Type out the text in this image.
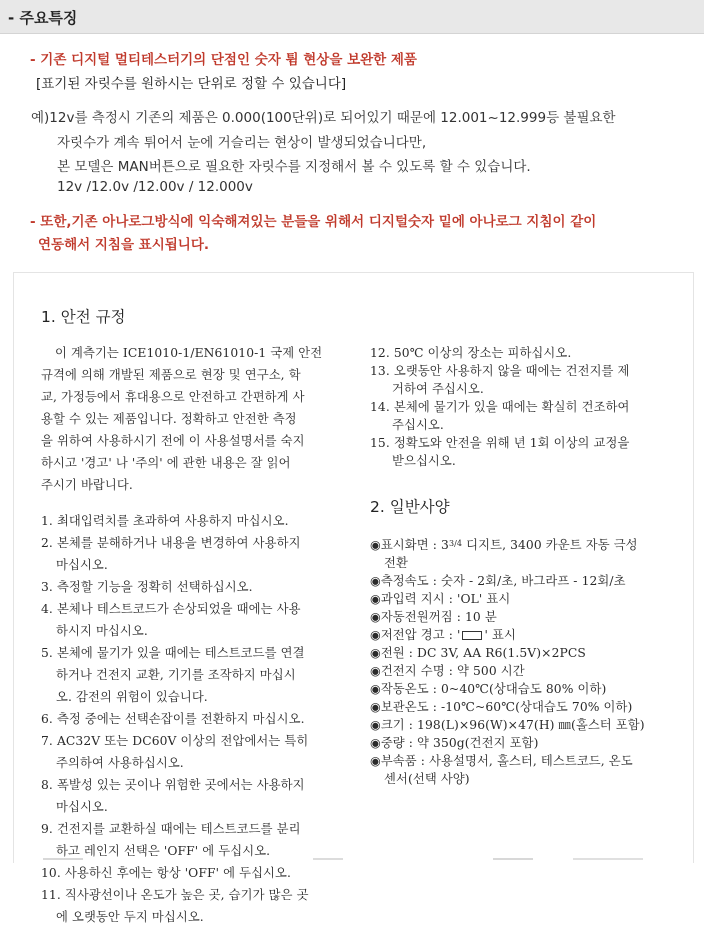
- 주요특징
- 기존 디지털 멀티테스터기의 단점인 숫자 튐 현상을 보완한 제품
[표기된 자릿수를 원하시는 단위로 정할 수 있습니다]
예)12v를 측정시 기존의 제품은 0.000(100단위)로 되어있기 때문에 12.001~12.999등 불필요한
자릿수가 계속 튀어서 눈에 거슬리는 현상이 발생되었습니다만,
본 모델은 MAN버튼으로 필요한 자릿수를 지정해서 볼 수 있도록 할 수 있습니다.
12v /12.0v /12.00v / 12.000v
- 또한,기존 아나로그방식에 익숙해져있는 분들을 위해서 디지털숫자 밑에 아나로그 지침이 같이
연동해서 지침을 표시됩니다.
1. 안전 규정
이 계측기는 ICE1010-1/EN61010-1 국제 안전
규격에 의해 개발된 제품으로 현장 및 연구소, 학
교, 가정등에서 휴대용으로 안전하고 간편하게 사
용할 수 있는 제품입니다. 정확하고 안전한 측정
을 위하여 사용하시기 전에 이 사용설명서를 숙지
하시고 '경고' 나 '주의' 에 관한 내용은 잘 읽어
주시기 바랍니다.
1. 최대입력치를 초과하여 사용하지 마십시오.
2. 본체를 분해하거나 내용을 변경하여 사용하지
마십시오.
3. 측정할 기능을 정확히 선택하십시오.
4. 본체나 테스트코드가 손상되었을 때에는 사용
하시지 마십시오.
5. 본체에 물기가 있을 때에는 테스트코드를 연결
하거나 건전지 교환, 기기를 조작하지 마십시
오. 감전의 위험이 있습니다.
6. 측정 중에는 선택손잡이를 전환하지 마십시오.
7. AC32V 또는 DC60V 이상의 전압에서는 특히
주의하여 사용하십시오.
8. 폭발성 있는 곳이나 위험한 곳에서는 사용하지
마십시오.
9. 건전지를 교환하실 때에는 테스트코드를 분리
하고 레인지 선택은 'OFF' 에 두십시오.
10. 사용하신 후에는 항상 'OFF' 에 두십시오.
11. 직사광선이나 온도가 높은 곳, 습기가 많은 곳
에 오랫동안 두지 마십시오.
12. 50℃ 이상의 장소는 피하십시오.
13. 오랫동안 사용하지 않을 때에는 건전지를 제
거하여 주십시오.
14. 본체에 물기가 있을 때에는 확실히 건조하여
주십시오.
15. 정확도와 안전을 위해 년 1회 이상의 교정을
받으십시오.
2. 일반사양
◉표시화면 : 33/4 디지트, 3400 카운트 자동 극성
전환
◉측정속도 : 숫자 - 2회/초, 바그라프 - 12회/초
◉과입력 지시 : 'OL' 표시
◉자동전원꺼짐 : 10 분
◉저전압 경고 : ' ' 표시
◉전원 : DC 3V, AA R6(1.5V)×2PCS
◉건전지 수명 : 약 500 시간
◉작동온도 : 0~40℃(상대습도 80% 이하)
◉보관온도 : -10℃~60℃(상대습도 70% 이하)
◉크기 : 198(L)×96(W)×47(H) ㎜(홀스터 포함)
◉중량 : 약 350g(건전지 포함)
◉부속품 : 사용설명서, 홀스터, 테스트코드, 온도
센서(선택 사양)
